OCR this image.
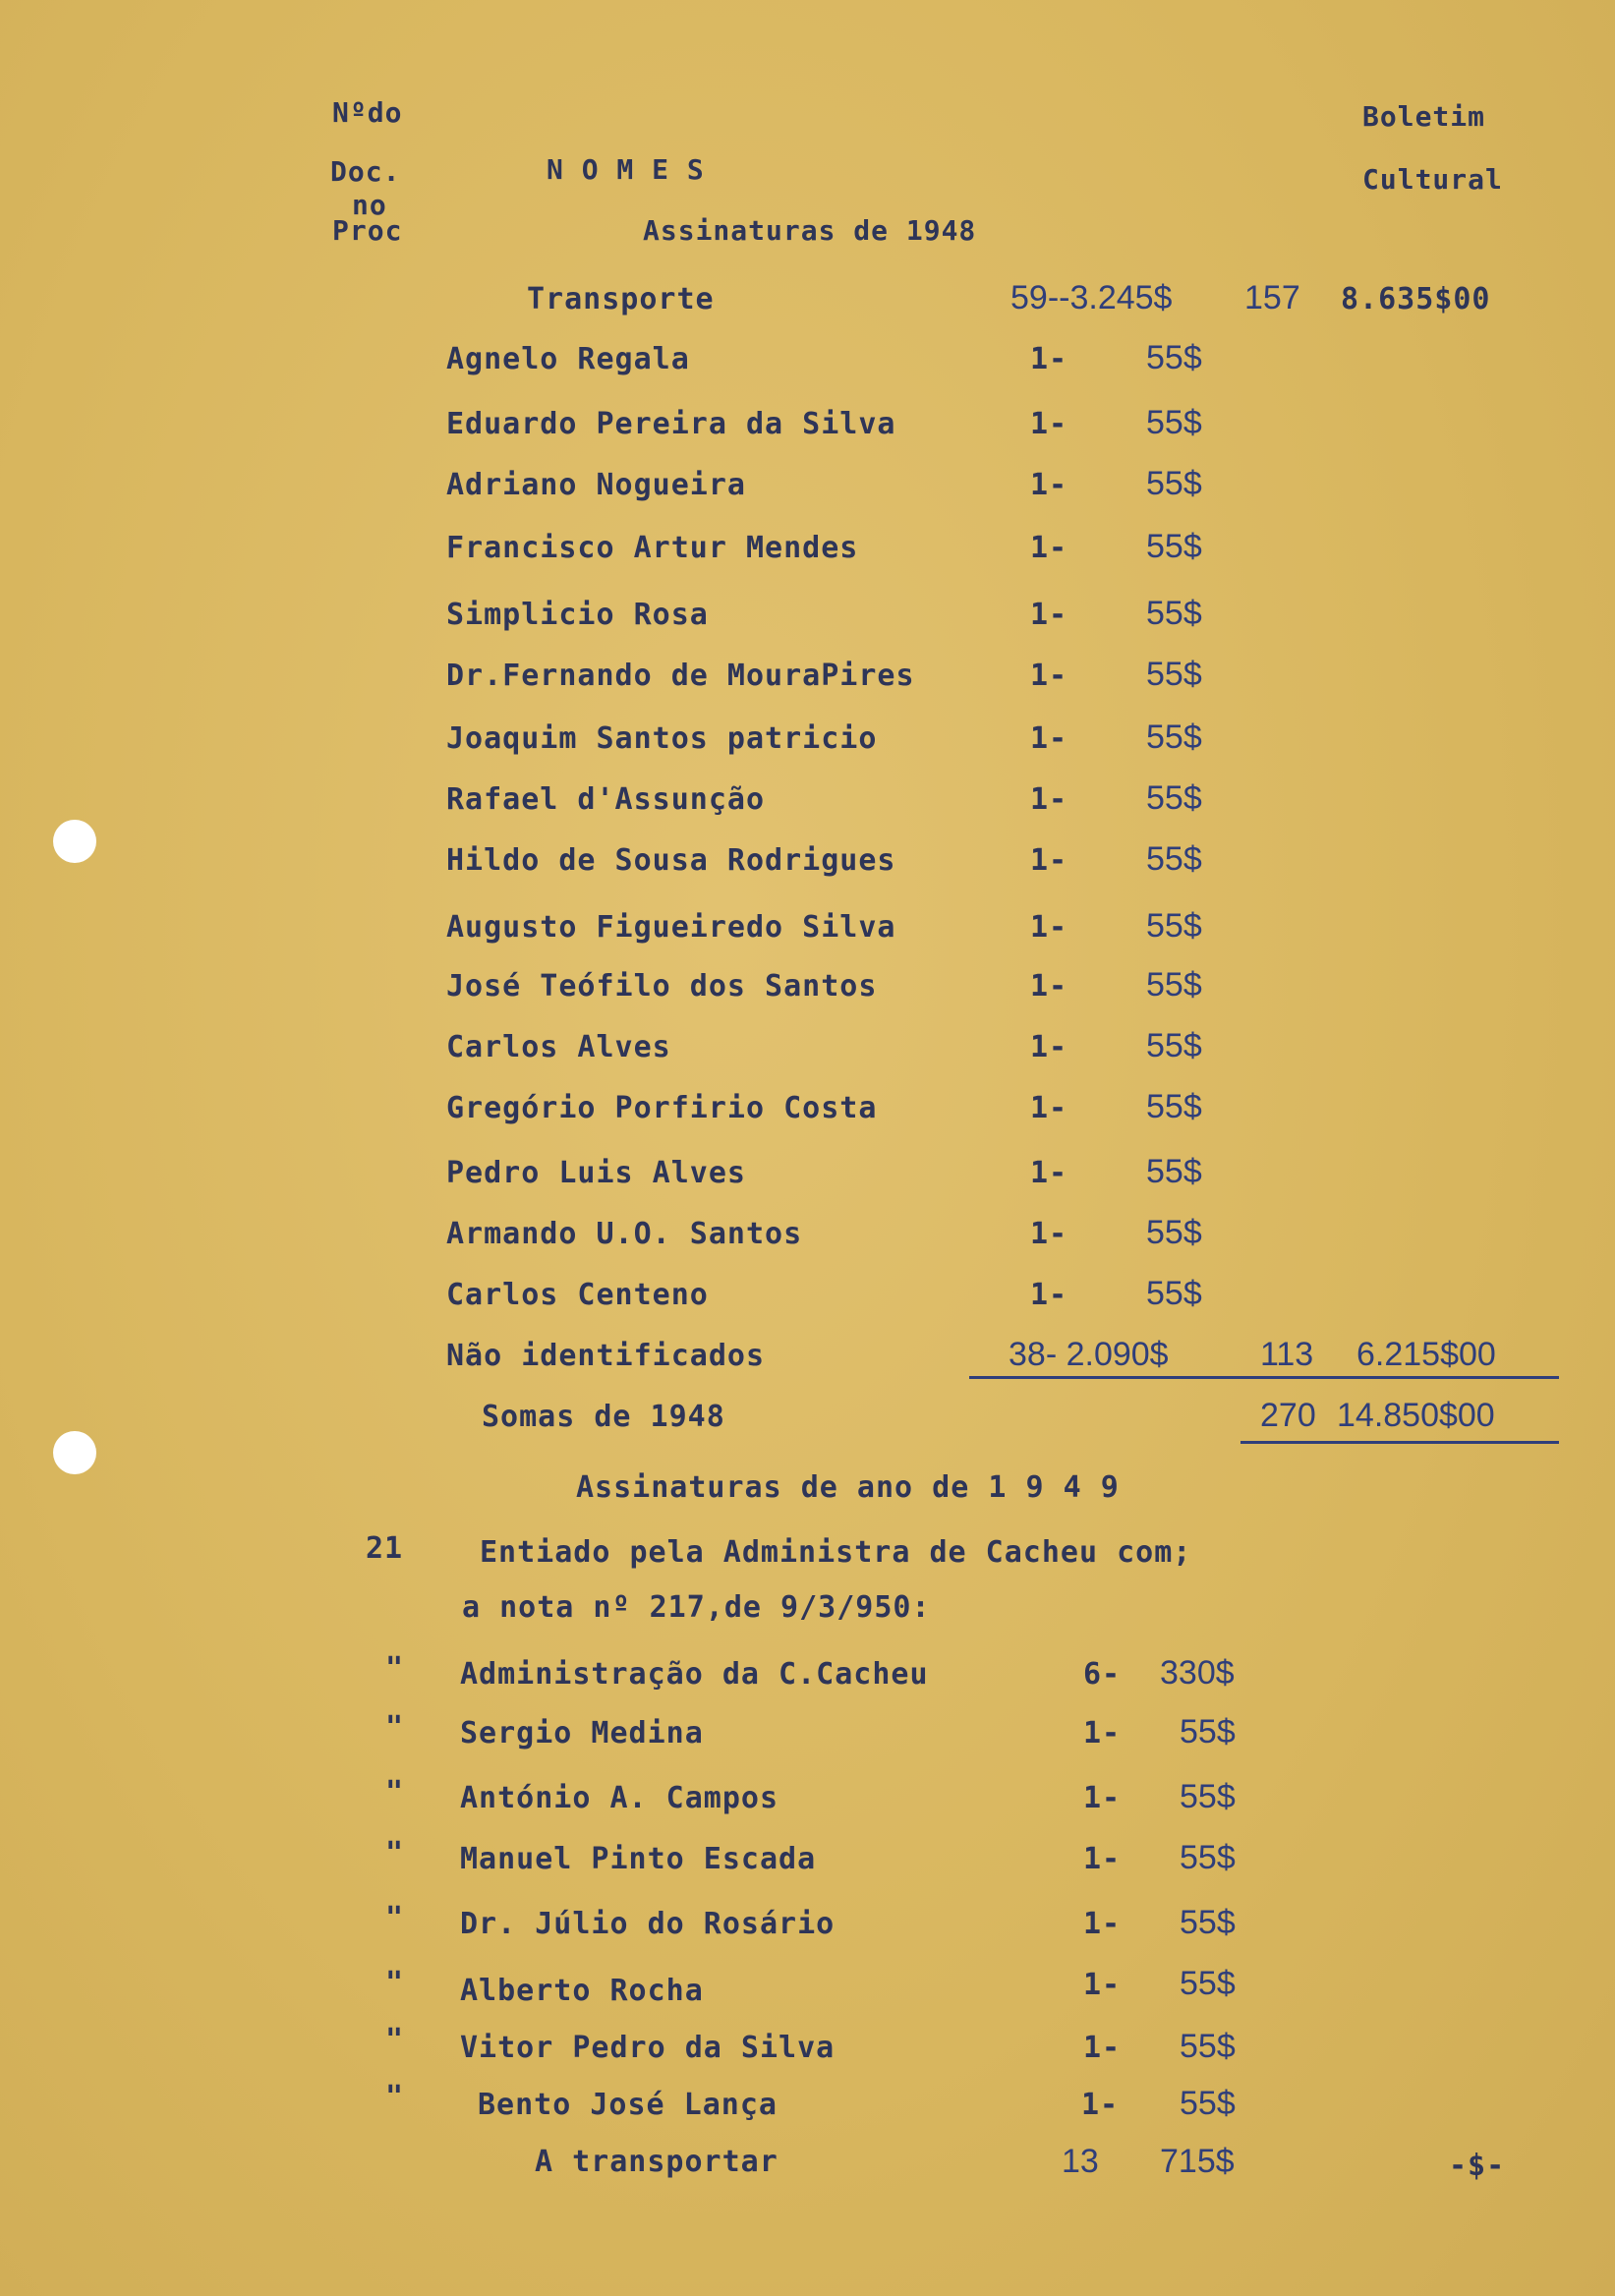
Nºdo
Doc.
no
Proc
N O M E S
Assinaturas de 1948
Boletim
Cultural
Transporte	59--3.245$ 157 8.635$00
Agnelo Regala	1- 55$
Eduardo Pereira da Silva	1- 55$
Adriano Nogueira	1- 55$
Francisco Artur Mendes	1- 55$
Simplicio Rosa	1- 55$
Dr.Fernando de MouraPires	1- 55$
Joaquim Santos patricio	1- 55$
Rafael d'Assunção	1- 55$
Hildo de Sousa Rodrigues	1- 55$
Augusto Figueiredo Silva	1- 55$
José Teófilo dos Santos	1- 55$
Carlos Alves	1- 55$
Gregório Porfirio Costa	1- 55$
Pedro Luis Alves	1- 55$
Armando U.O. Santos	1- 55$
Carlos Centeno	1- 55$
Não identificados	38- 2.090$	113 6.215$00
Somas de 1948	270 14.850$00
Assinaturas de ano de 1 9 4 9
21	Entiado pela Administra de Cacheu com;
a nota nº 217,de 9/3/950:
" Administração da C.Cacheu	6- 330$
" Sergio Medina	1- 55$
" António A. Campos	1- 55$
" Manuel Pinto Escada	1- 55$
" Dr. Júlio do Rosário	1- 55$
" Alberto Rocha	1- 55$
" Vitor Pedro da Silva	1- 55$
" Bento José Lança	1- 55$
A transportar	13 715$	-$-
